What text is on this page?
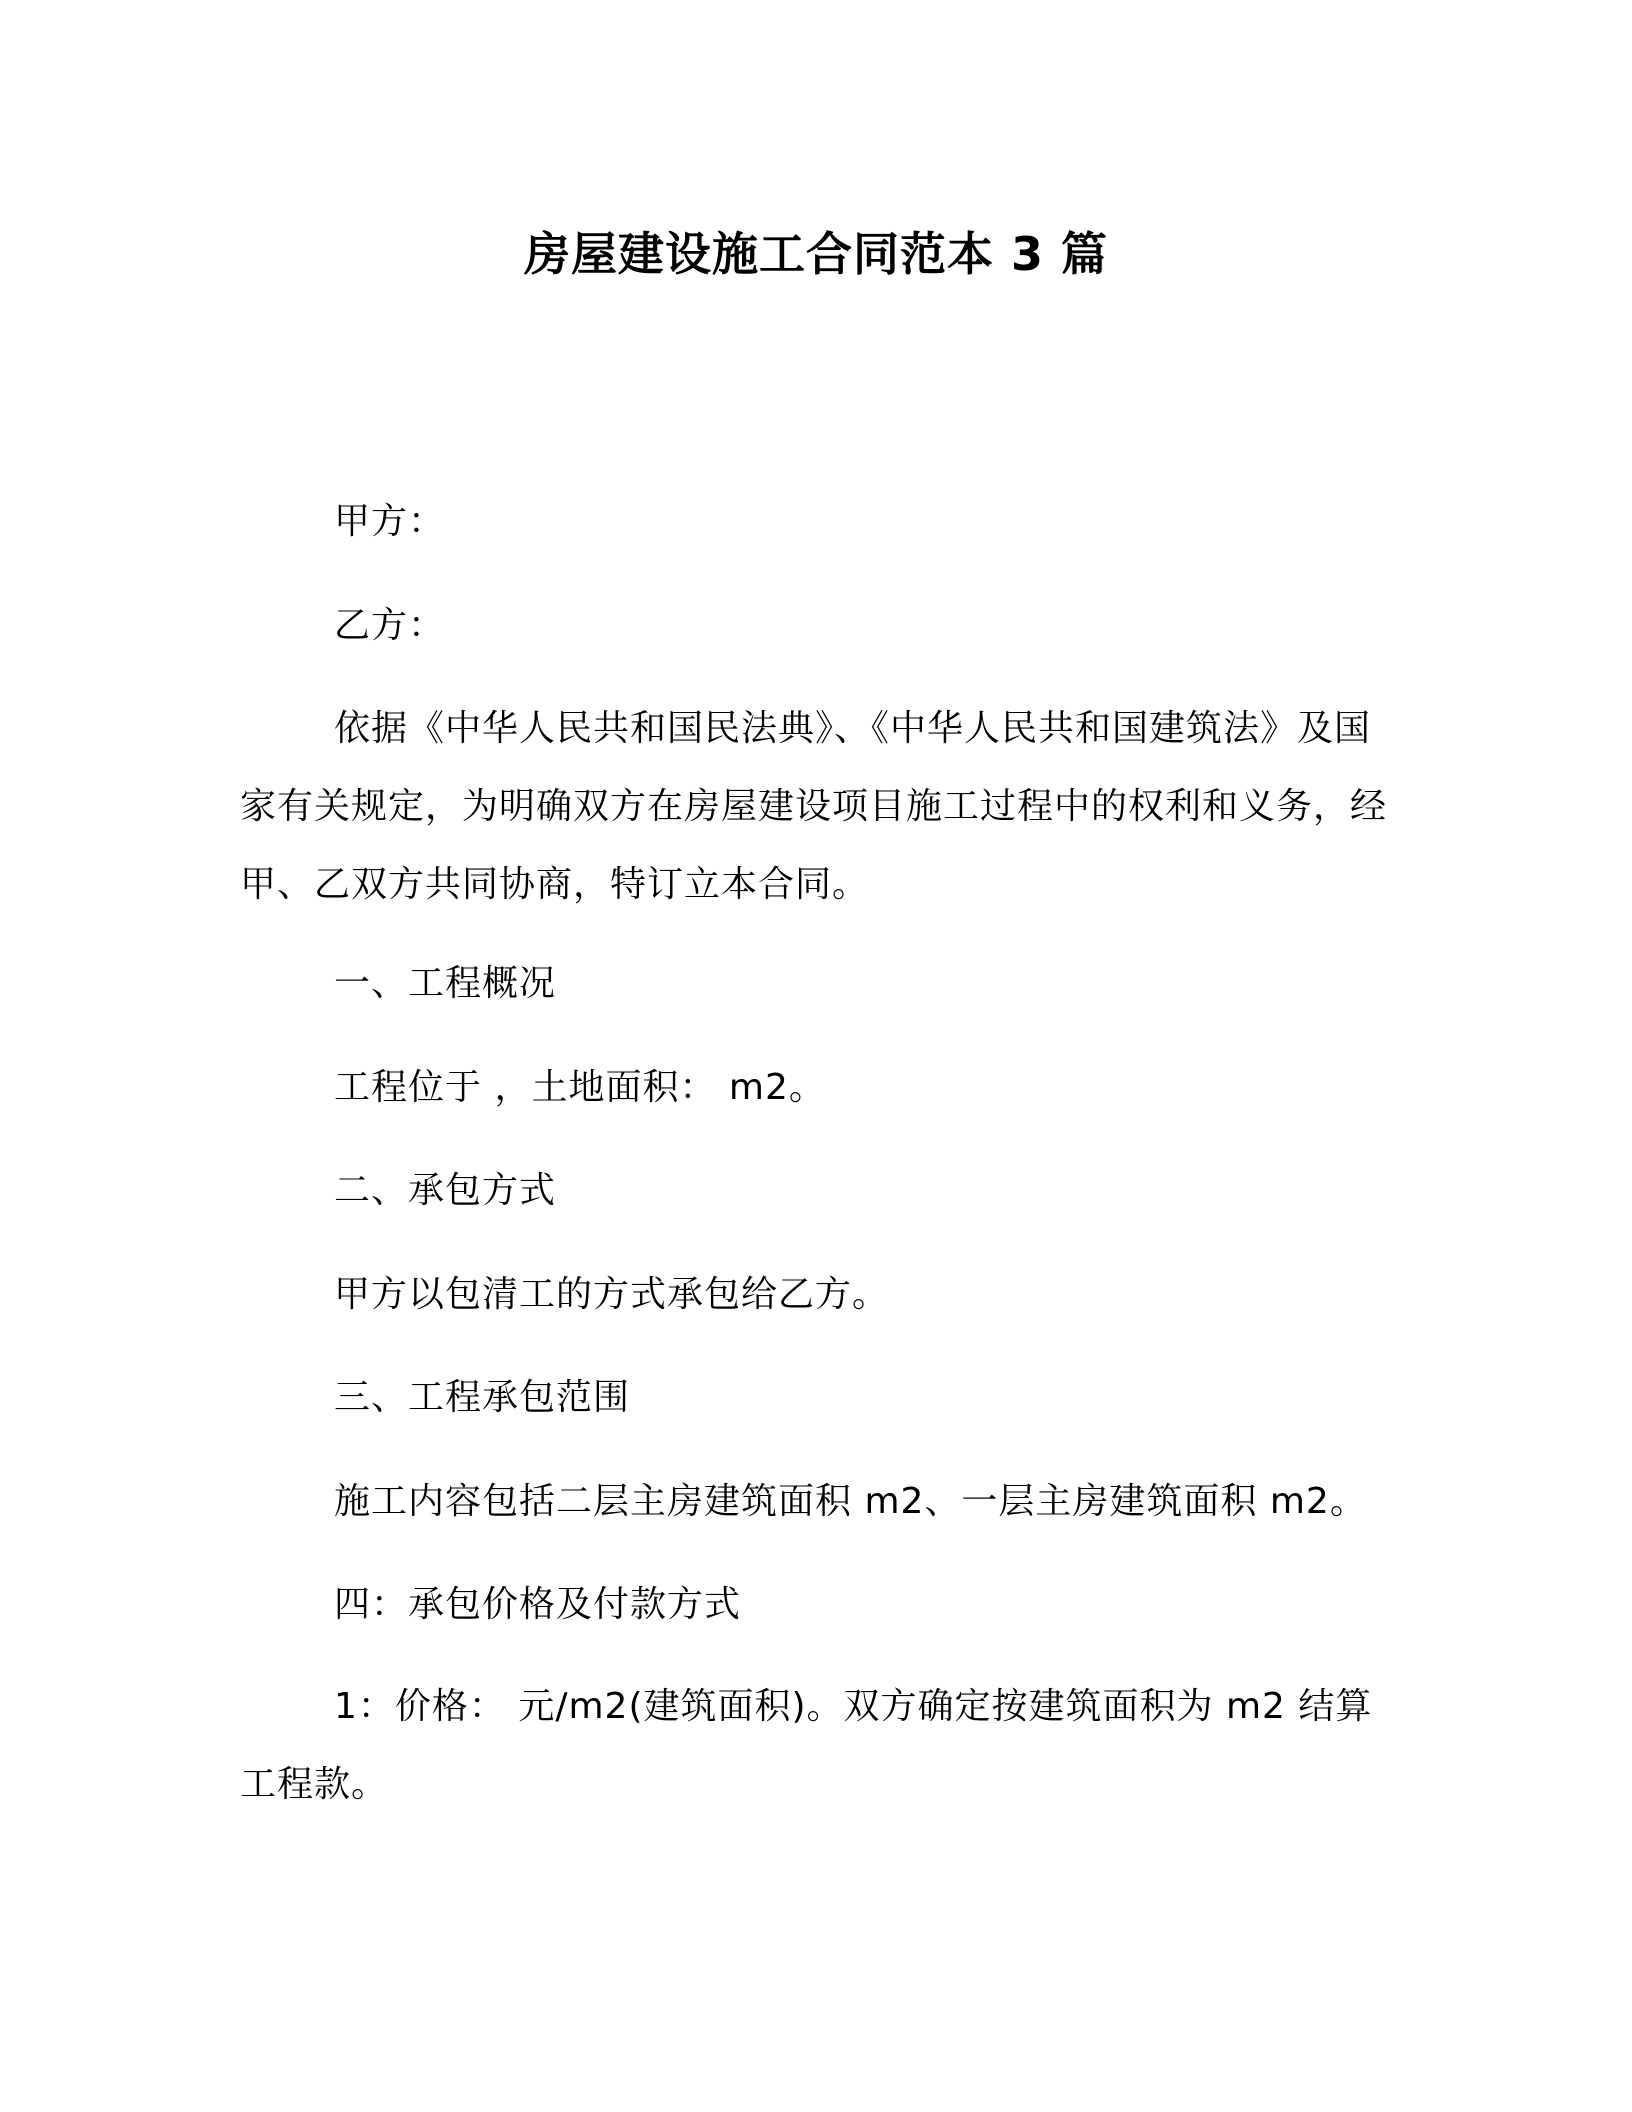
房屋建设施工合同范本 3 篇
甲方：
乙方：

依据《中华人民共和国民法典》、《中华人民共和国建筑法》及国家有关规定，为明确双方在房屋建设项目施工过程中的权利和义务，经甲、乙双方共同协商，特订立本合同。

一、工程概况
工程位于 ，土地面积： m2。
二、承包方式
甲方以包清工的方式承包给乙方。
三、工程承包范围
施工内容包括二层主房建筑面积 m2、一层主房建筑面积 m2。
四：承包价格及付款方式

1：价格： 元/m2(建筑面积)。双方确定按建筑面积为 m2 结算工程款。
